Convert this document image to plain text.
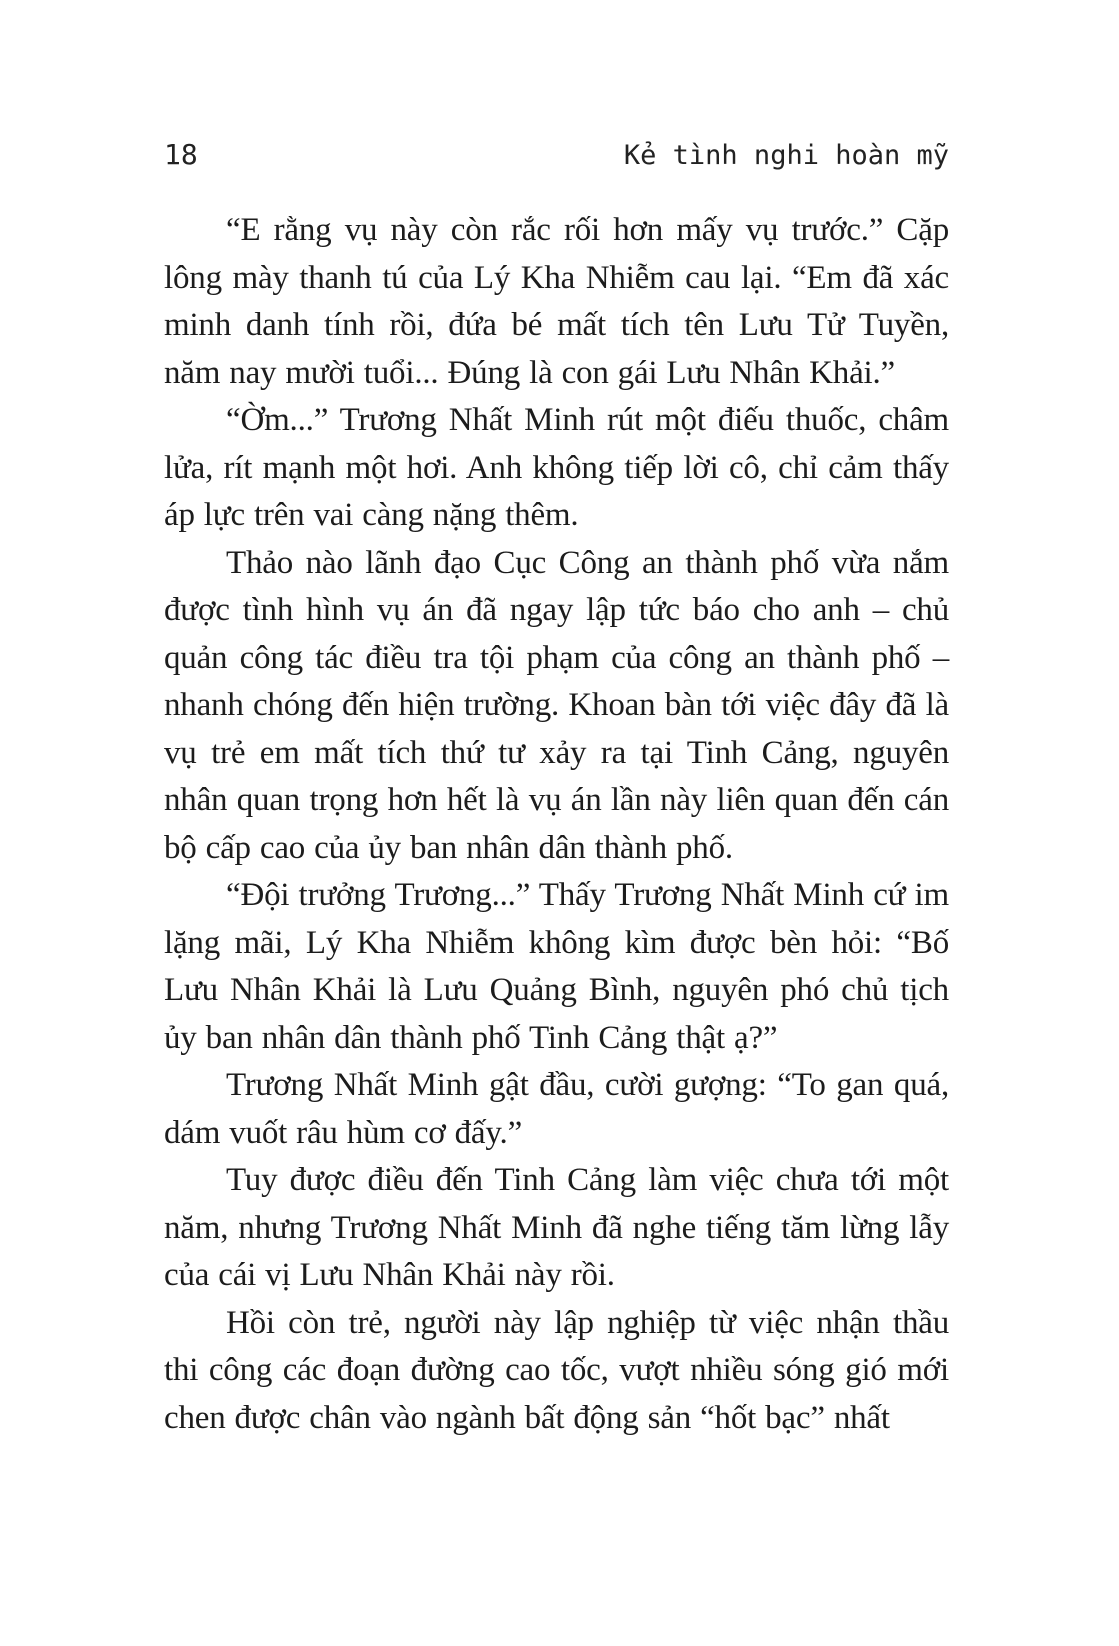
18	Kẻ tình nghi hoàn mỹ

“E rằng vụ này còn rắc rối hơn mấy vụ trước.” Cặp lông mày thanh tú của Lý Kha Nhiễm cau lại. “Em đã xác minh danh tính rồi, đứa bé mất tích tên Lưu Tử Tuyền, năm nay mười tuổi... Đúng là con gái Lưu Nhân Khải.”

“Ờm...” Trương Nhất Minh rút một điếu thuốc, châm lửa, rít mạnh một hơi. Anh không tiếp lời cô, chỉ cảm thấy áp lực trên vai càng nặng thêm.

Thảo nào lãnh đạo Cục Công an thành phố vừa nắm được tình hình vụ án đã ngay lập tức báo cho anh – chủ quản công tác điều tra tội phạm của công an thành phố – nhanh chóng đến hiện trường. Khoan bàn tới việc đây đã là vụ trẻ em mất tích thứ tư xảy ra tại Tinh Cảng, nguyên nhân quan trọng hơn hết là vụ án lần này liên quan đến cán bộ cấp cao của ủy ban nhân dân thành phố.

“Đội trưởng Trương...” Thấy Trương Nhất Minh cứ im lặng mãi, Lý Kha Nhiễm không kìm được bèn hỏi: “Bố Lưu Nhân Khải là Lưu Quảng Bình, nguyên phó chủ tịch ủy ban nhân dân thành phố Tinh Cảng thật ạ?”

Trương Nhất Minh gật đầu, cười gượng: “To gan quá, dám vuốt râu hùm cơ đấy.”

Tuy được điều đến Tinh Cảng làm việc chưa tới một năm, nhưng Trương Nhất Minh đã nghe tiếng tăm lừng lẫy của cái vị Lưu Nhân Khải này rồi.

Hồi còn trẻ, người này lập nghiệp từ việc nhận thầu thi công các đoạn đường cao tốc, vượt nhiều sóng gió mới chen được chân vào ngành bất động sản “hốt bạc” nhất
